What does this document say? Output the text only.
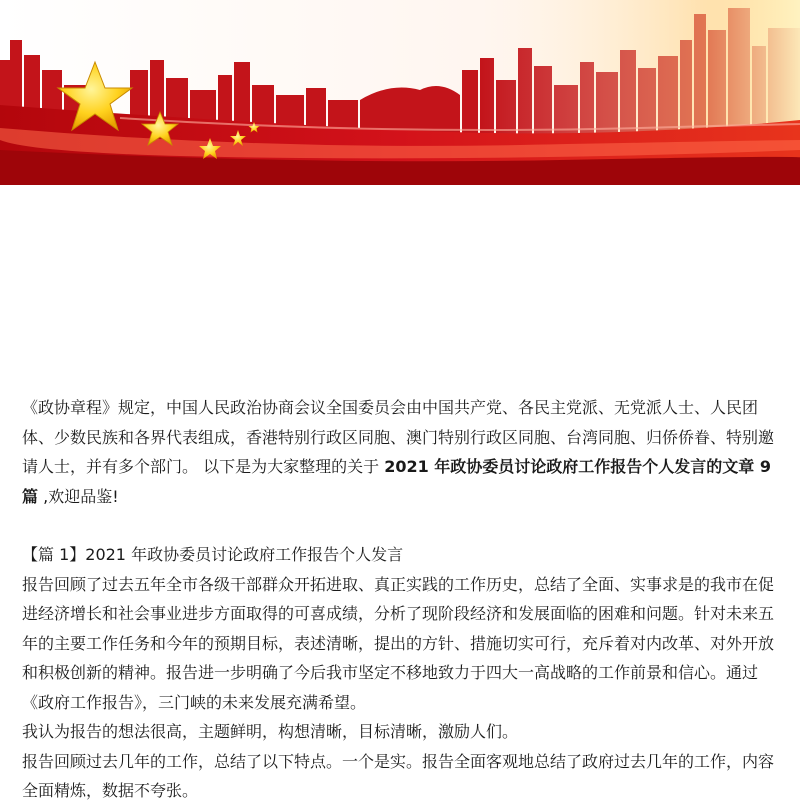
《政协章程》规定，中国人民政治协商会议全国委员会由中国共产党、各民主党派、无党派人士、人民团体、少数民族和各界代表组成，香港特别行政区同胞、澳门特别行政区同胞、台湾同胞、归侨侨眷、特别邀请人士，并有多个部门。 以下是为大家整理的关于 2021 年政协委员讨论政府工作报告个人发言的文章 9 篇 ,欢迎品鉴!

【篇 1】2021 年政协委员讨论政府工作报告个人发言

报告回顾了过去五年全市各级干部群众开拓进取、真正实践的工作历史，总结了全面、实事求是的我市在促进经济增长和社会事业进步方面取得的可喜成绩，分析了现阶段经济和发展面临的困难和问题。针对未来五年的主要工作任务和今年的预期目标，表述清晰，提出的方针、措施切实可行，充斥着对内改革、对外开放和积极创新的精神。报告进一步明确了今后我市坚定不移地致力于四大一高战略的工作前景和信心。通过《政府工作报告》，三门峡的未来发展充满希望。

我认为报告的想法很高，主题鲜明，构想清晰，目标清晰，激励人们。

报告回顾过去几年的工作，总结了以下特点。一个是实。报告全面客观地总结了政府过去几年的工作，内容全面精炼，数据不夸张。
